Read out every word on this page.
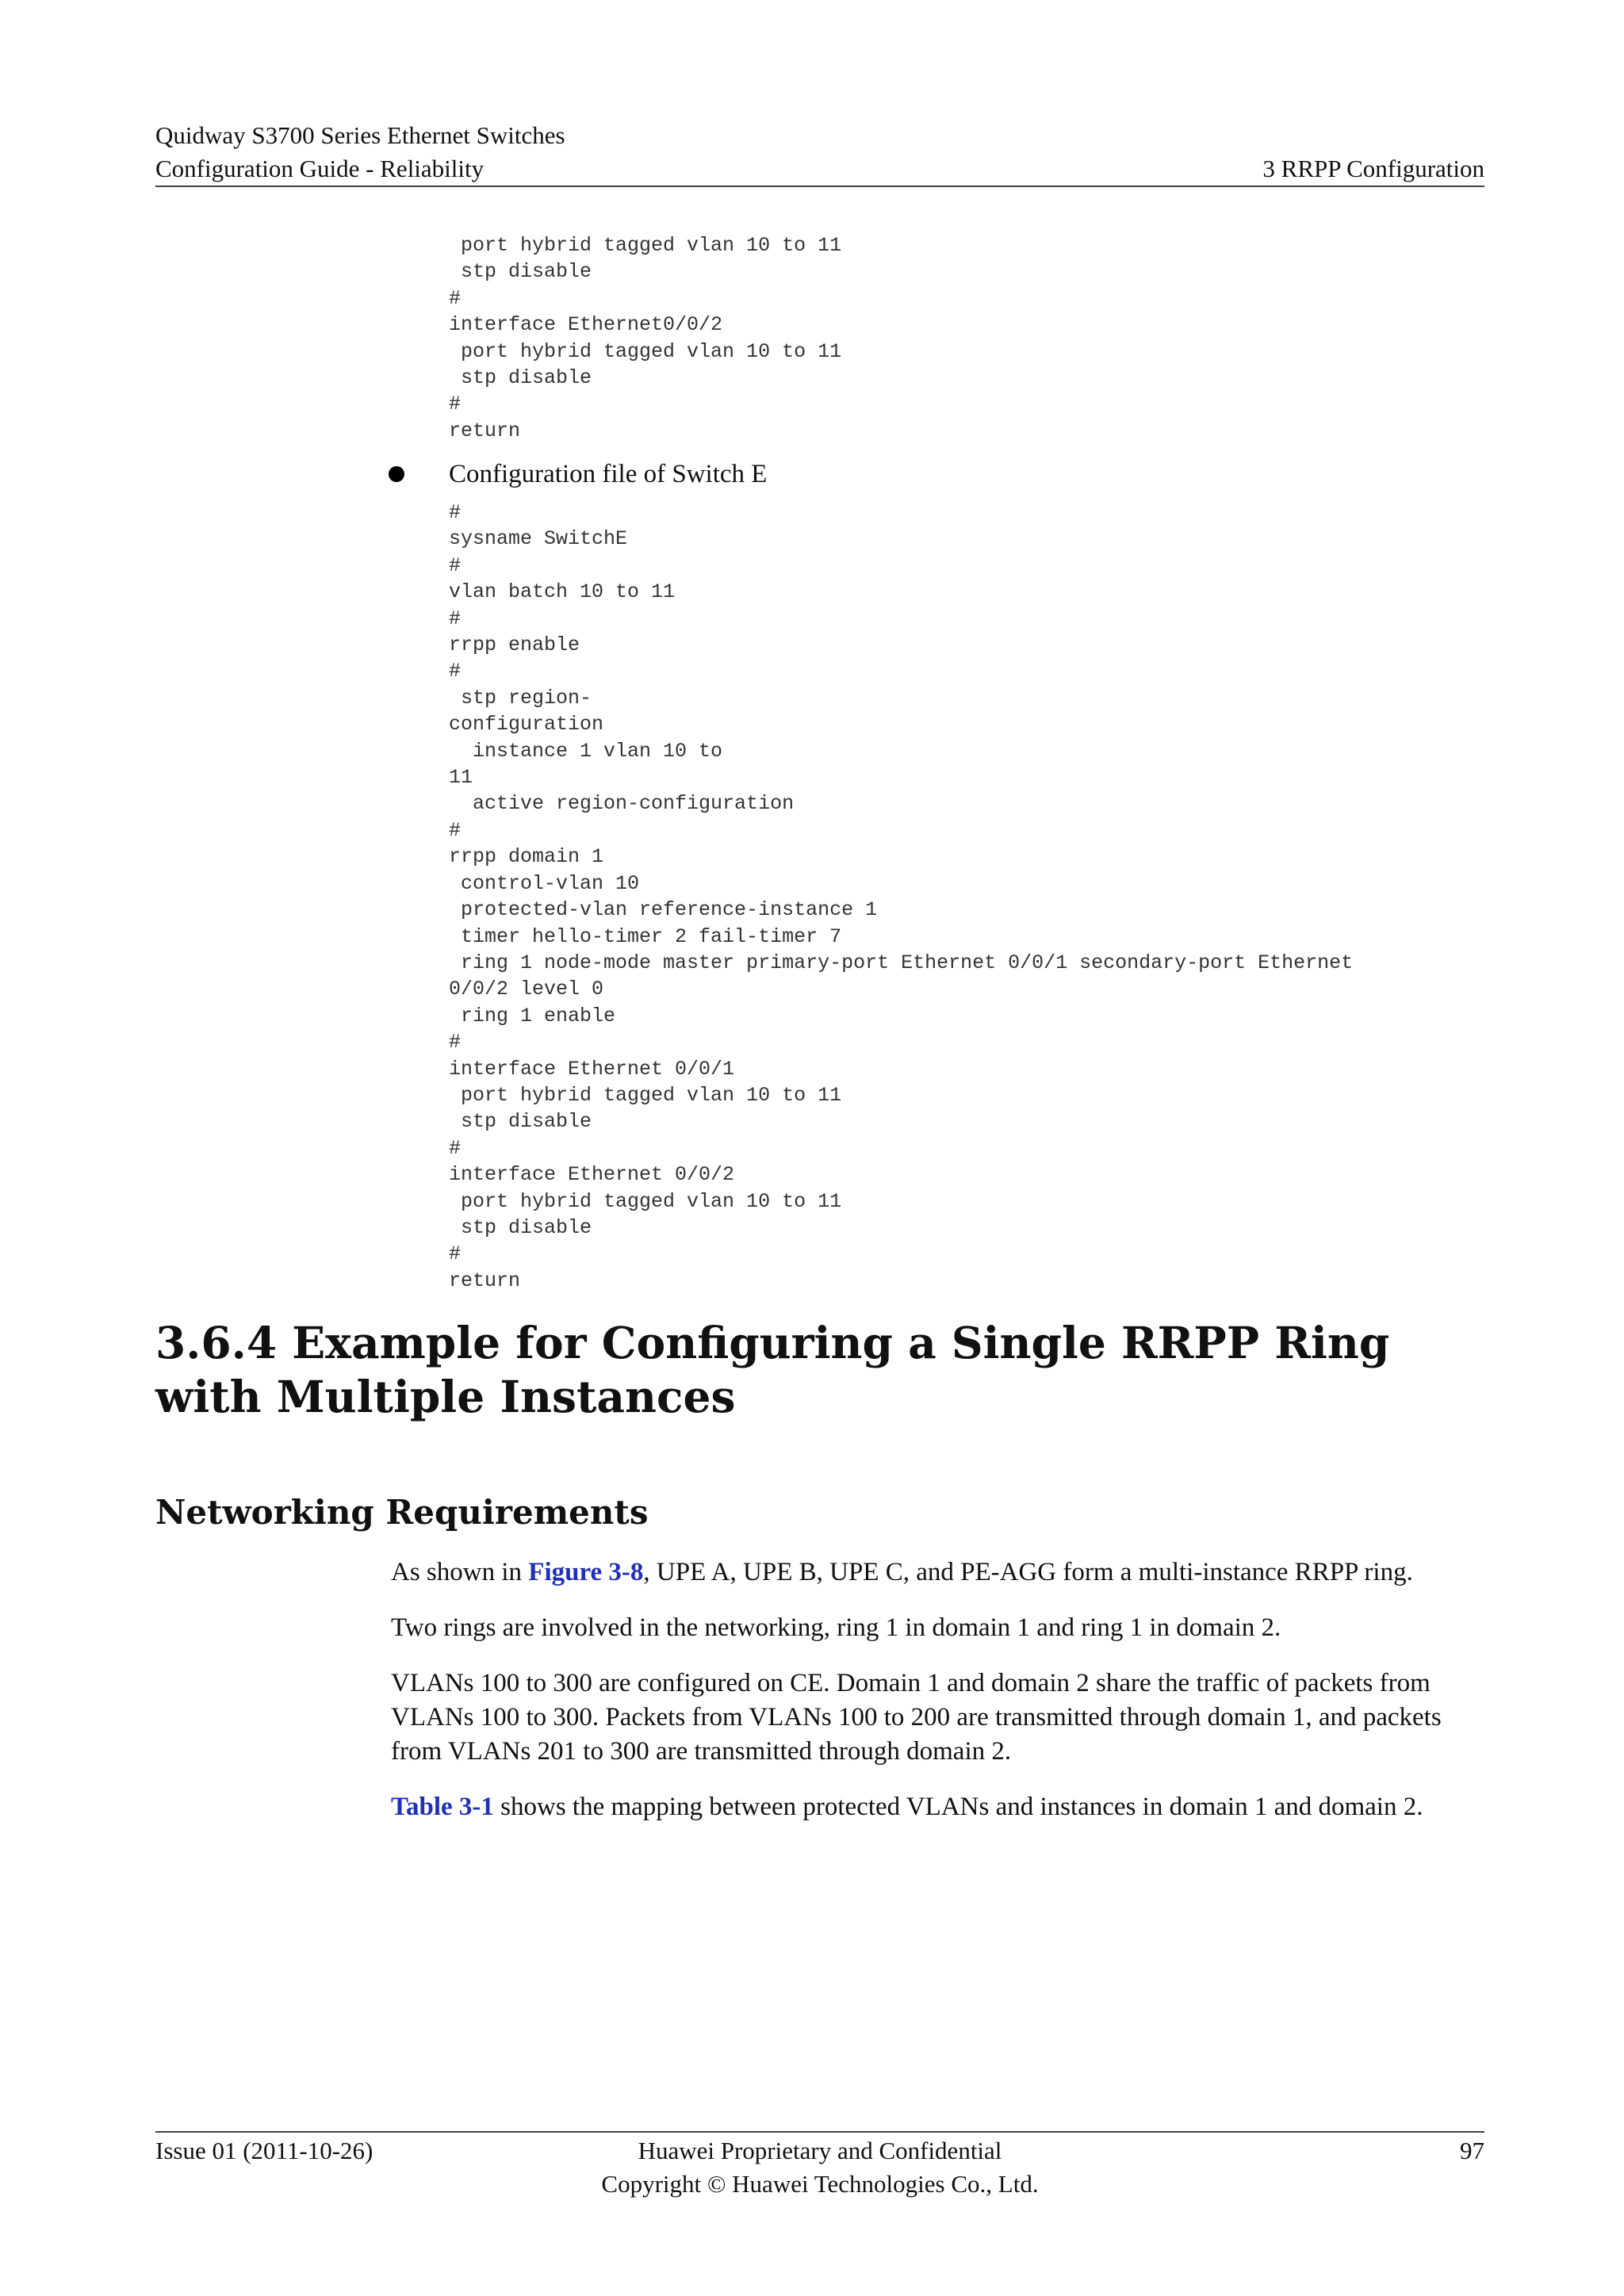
Quidway S3700 Series Ethernet Switches
Configuration Guide - Reliability	3 RRPP Configuration
port hybrid tagged vlan 10 to 11
stp disable
#
interface Ethernet0/0/2
port hybrid tagged vlan 10 to 11
stp disable
#
return
Configuration file of Switch E
#
sysname SwitchE
#
vlan batch 10 to 11
#
rrpp enable
#
stp region-
configuration
instance 1 vlan 10 to
11
active region-configuration
#
rrpp domain 1
control-vlan 10
protected-vlan reference-instance 1
timer hello-timer 2 fail-timer 7
ring 1 node-mode master primary-port Ethernet 0/0/1 secondary-port Ethernet
0/0/2 level 0
ring 1 enable
#
interface Ethernet 0/0/1
port hybrid tagged vlan 10 to 11
stp disable
#
interface Ethernet 0/0/2
port hybrid tagged vlan 10 to 11
stp disable
#
return
3.6.4 Example for Configuring a Single RRPP Ring with Multiple Instances
Networking Requirements

As shown in Figure 3-8, UPE A, UPE B, UPE C, and PE-AGG form a multi-instance RRPP ring.

Two rings are involved in the networking, ring 1 in domain 1 and ring 1 in domain 2.

VLANs 100 to 300 are configured on CE. Domain 1 and domain 2 share the traffic of packets from VLANs 100 to 300. Packets from VLANs 100 to 200 are transmitted through domain 1, and packets from VLANs 201 to 300 are transmitted through domain 2.

Table 3-1 shows the mapping between protected VLANs and instances in domain 1 and domain 2.

Issue 01 (2011-10-26)	Huawei Proprietary and Confidential
Copyright © Huawei Technologies Co., Ltd.
97
